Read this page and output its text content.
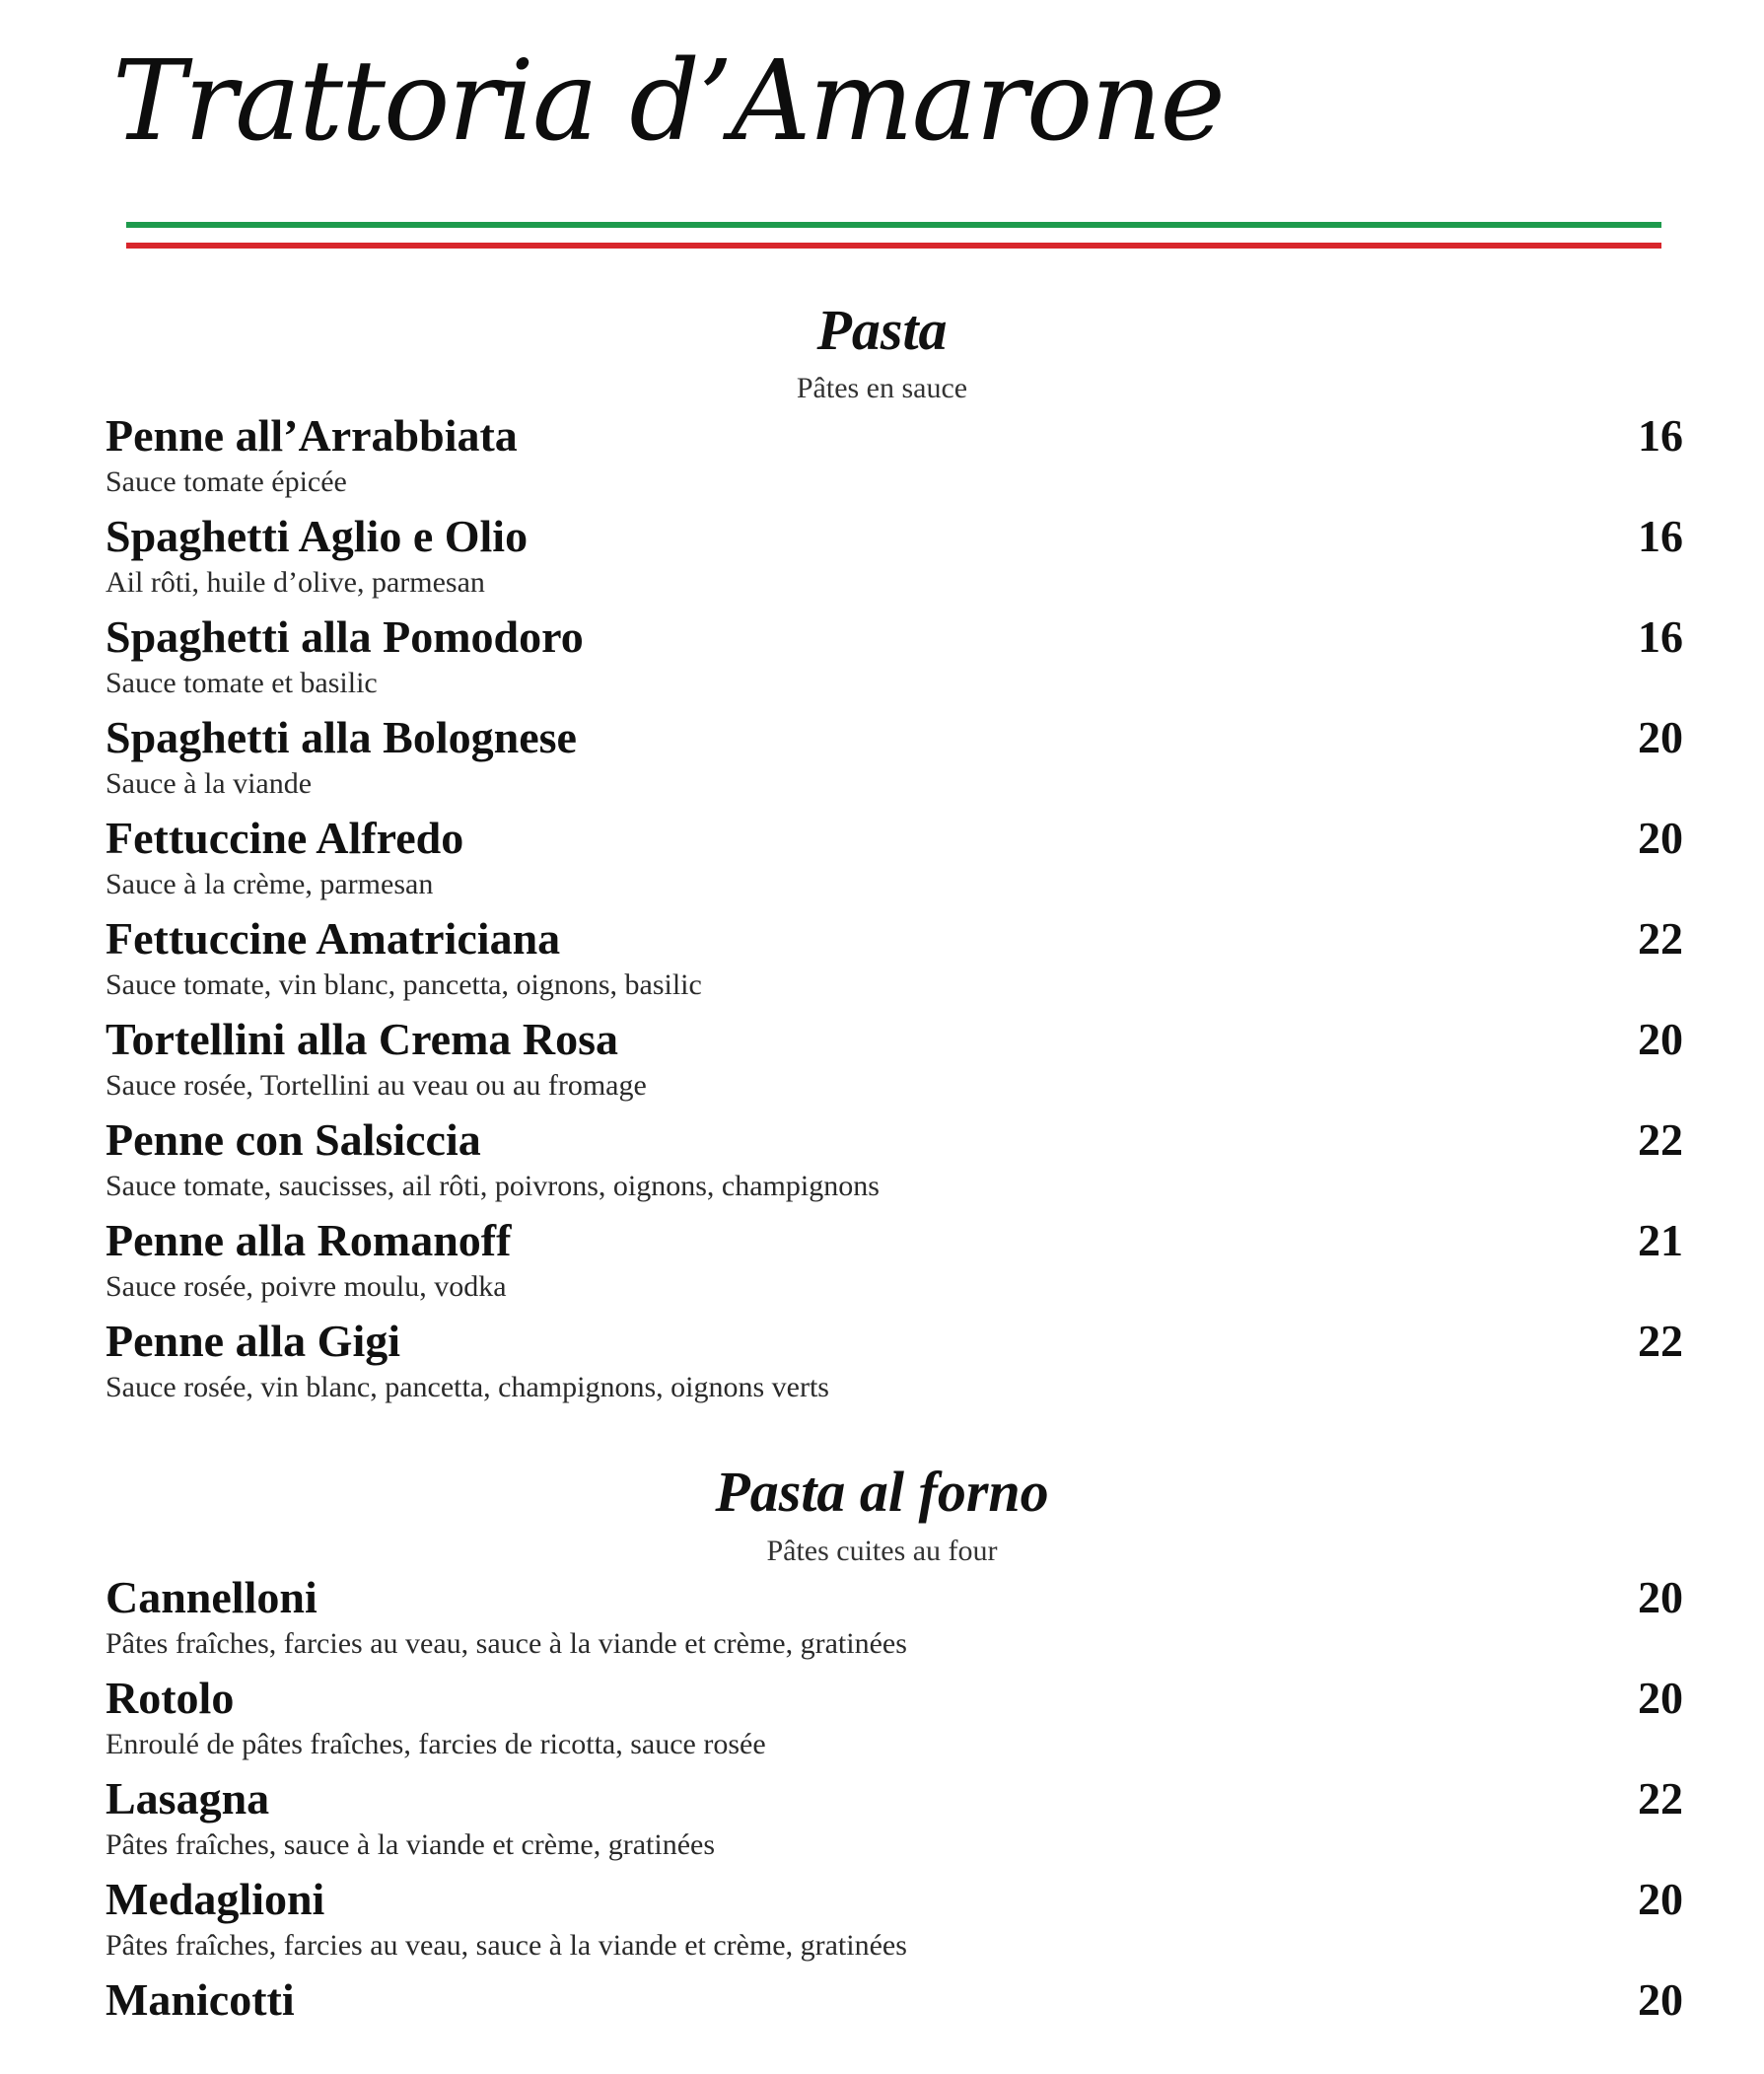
Trattoria d’Amarone
Pasta
Pâtes en sauce
Penne all’Arrabbiata	16
Sauce tomate épicée
Spaghetti Aglio e Olio	16
Ail rôti, huile d’olive, parmesan
Spaghetti alla Pomodoro	16
Sauce tomate et basilic
Spaghetti alla Bolognese	20
Sauce à la viande
Fettuccine Alfredo	20
Sauce à la crème, parmesan
Fettuccine Amatriciana	22
Sauce tomate, vin blanc, pancetta, oignons, basilic
Tortellini alla Crema Rosa	20
Sauce rosée, Tortellini au veau ou au fromage
Penne con Salsiccia	22
Sauce tomate, saucisses, ail rôti, poivrons, oignons, champignons
Penne alla Romanoff	21
Sauce rosée, poivre moulu, vodka
Penne alla Gigi	22
Sauce rosée, vin blanc, pancetta, champignons, oignons verts
Pasta al forno
Pâtes cuites au four
Cannelloni	20
Pâtes fraîches, farcies au veau, sauce à la viande et crème, gratinées
Rotolo	20
Enroulé de pâtes fraîches, farcies de ricotta, sauce rosée
Lasagna	22
Pâtes fraîches, sauce à la viande et crème, gratinées
Medaglioni	20
Pâtes fraîches, farcies au veau, sauce à la viande et crème, gratinées
Manicotti	20
